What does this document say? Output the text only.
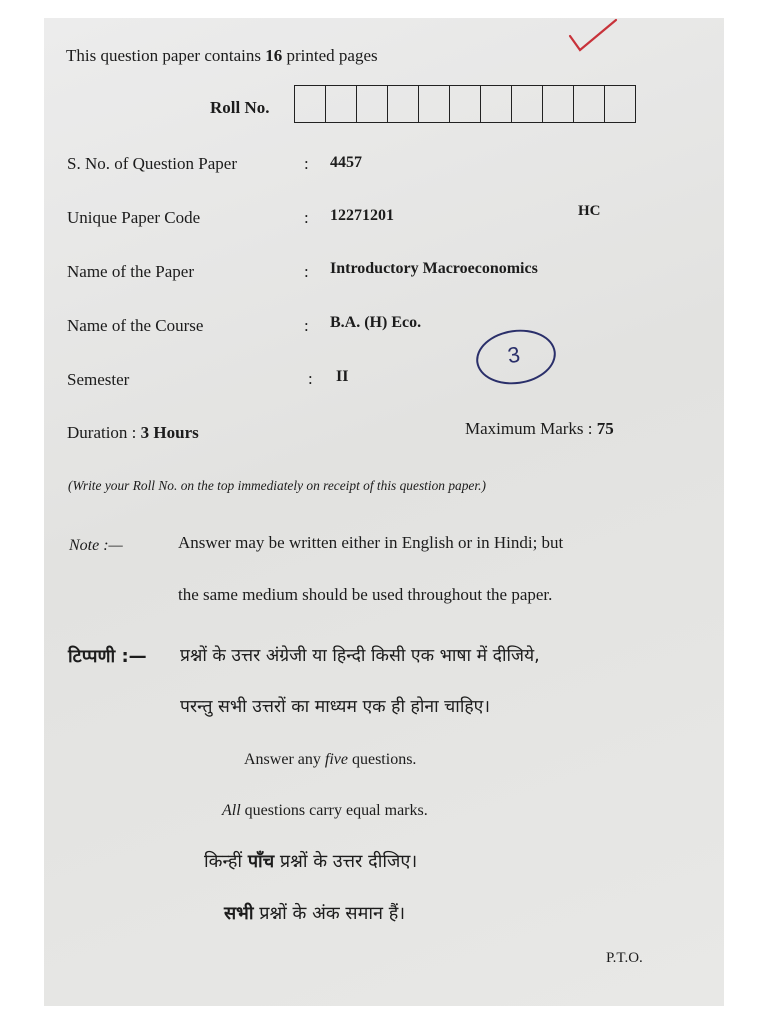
This question paper contains 16 printed pages
Roll No.
S. No. of Question Paper	: 4457
Unique Paper Code	: 12271201	HC
Name of the Paper	: Introductory Macroeconomics
Name of the Course	: B.A. (H) Eco.
3
Semester	: II
Duration : 3 Hours	Maximum Marks : 75
(Write your Roll No. on the top immediately on receipt of this question paper.)
Note :—	Answer may be written either in English or in Hindi; but
the same medium should be used throughout the paper.
टिप्पणी :— प्रश्नों के उत्तर अंग्रेजी या हिन्दी किसी एक भाषा में दीजिये,
परन्तु सभी उत्तरों का माध्यम एक ही होना चाहिए।
Answer any five questions.
All questions carry equal marks.
किन्हीं पाँच प्रश्नों के उत्तर दीजिए।
सभी प्रश्नों के अंक समान हैं।
P.T.O.
